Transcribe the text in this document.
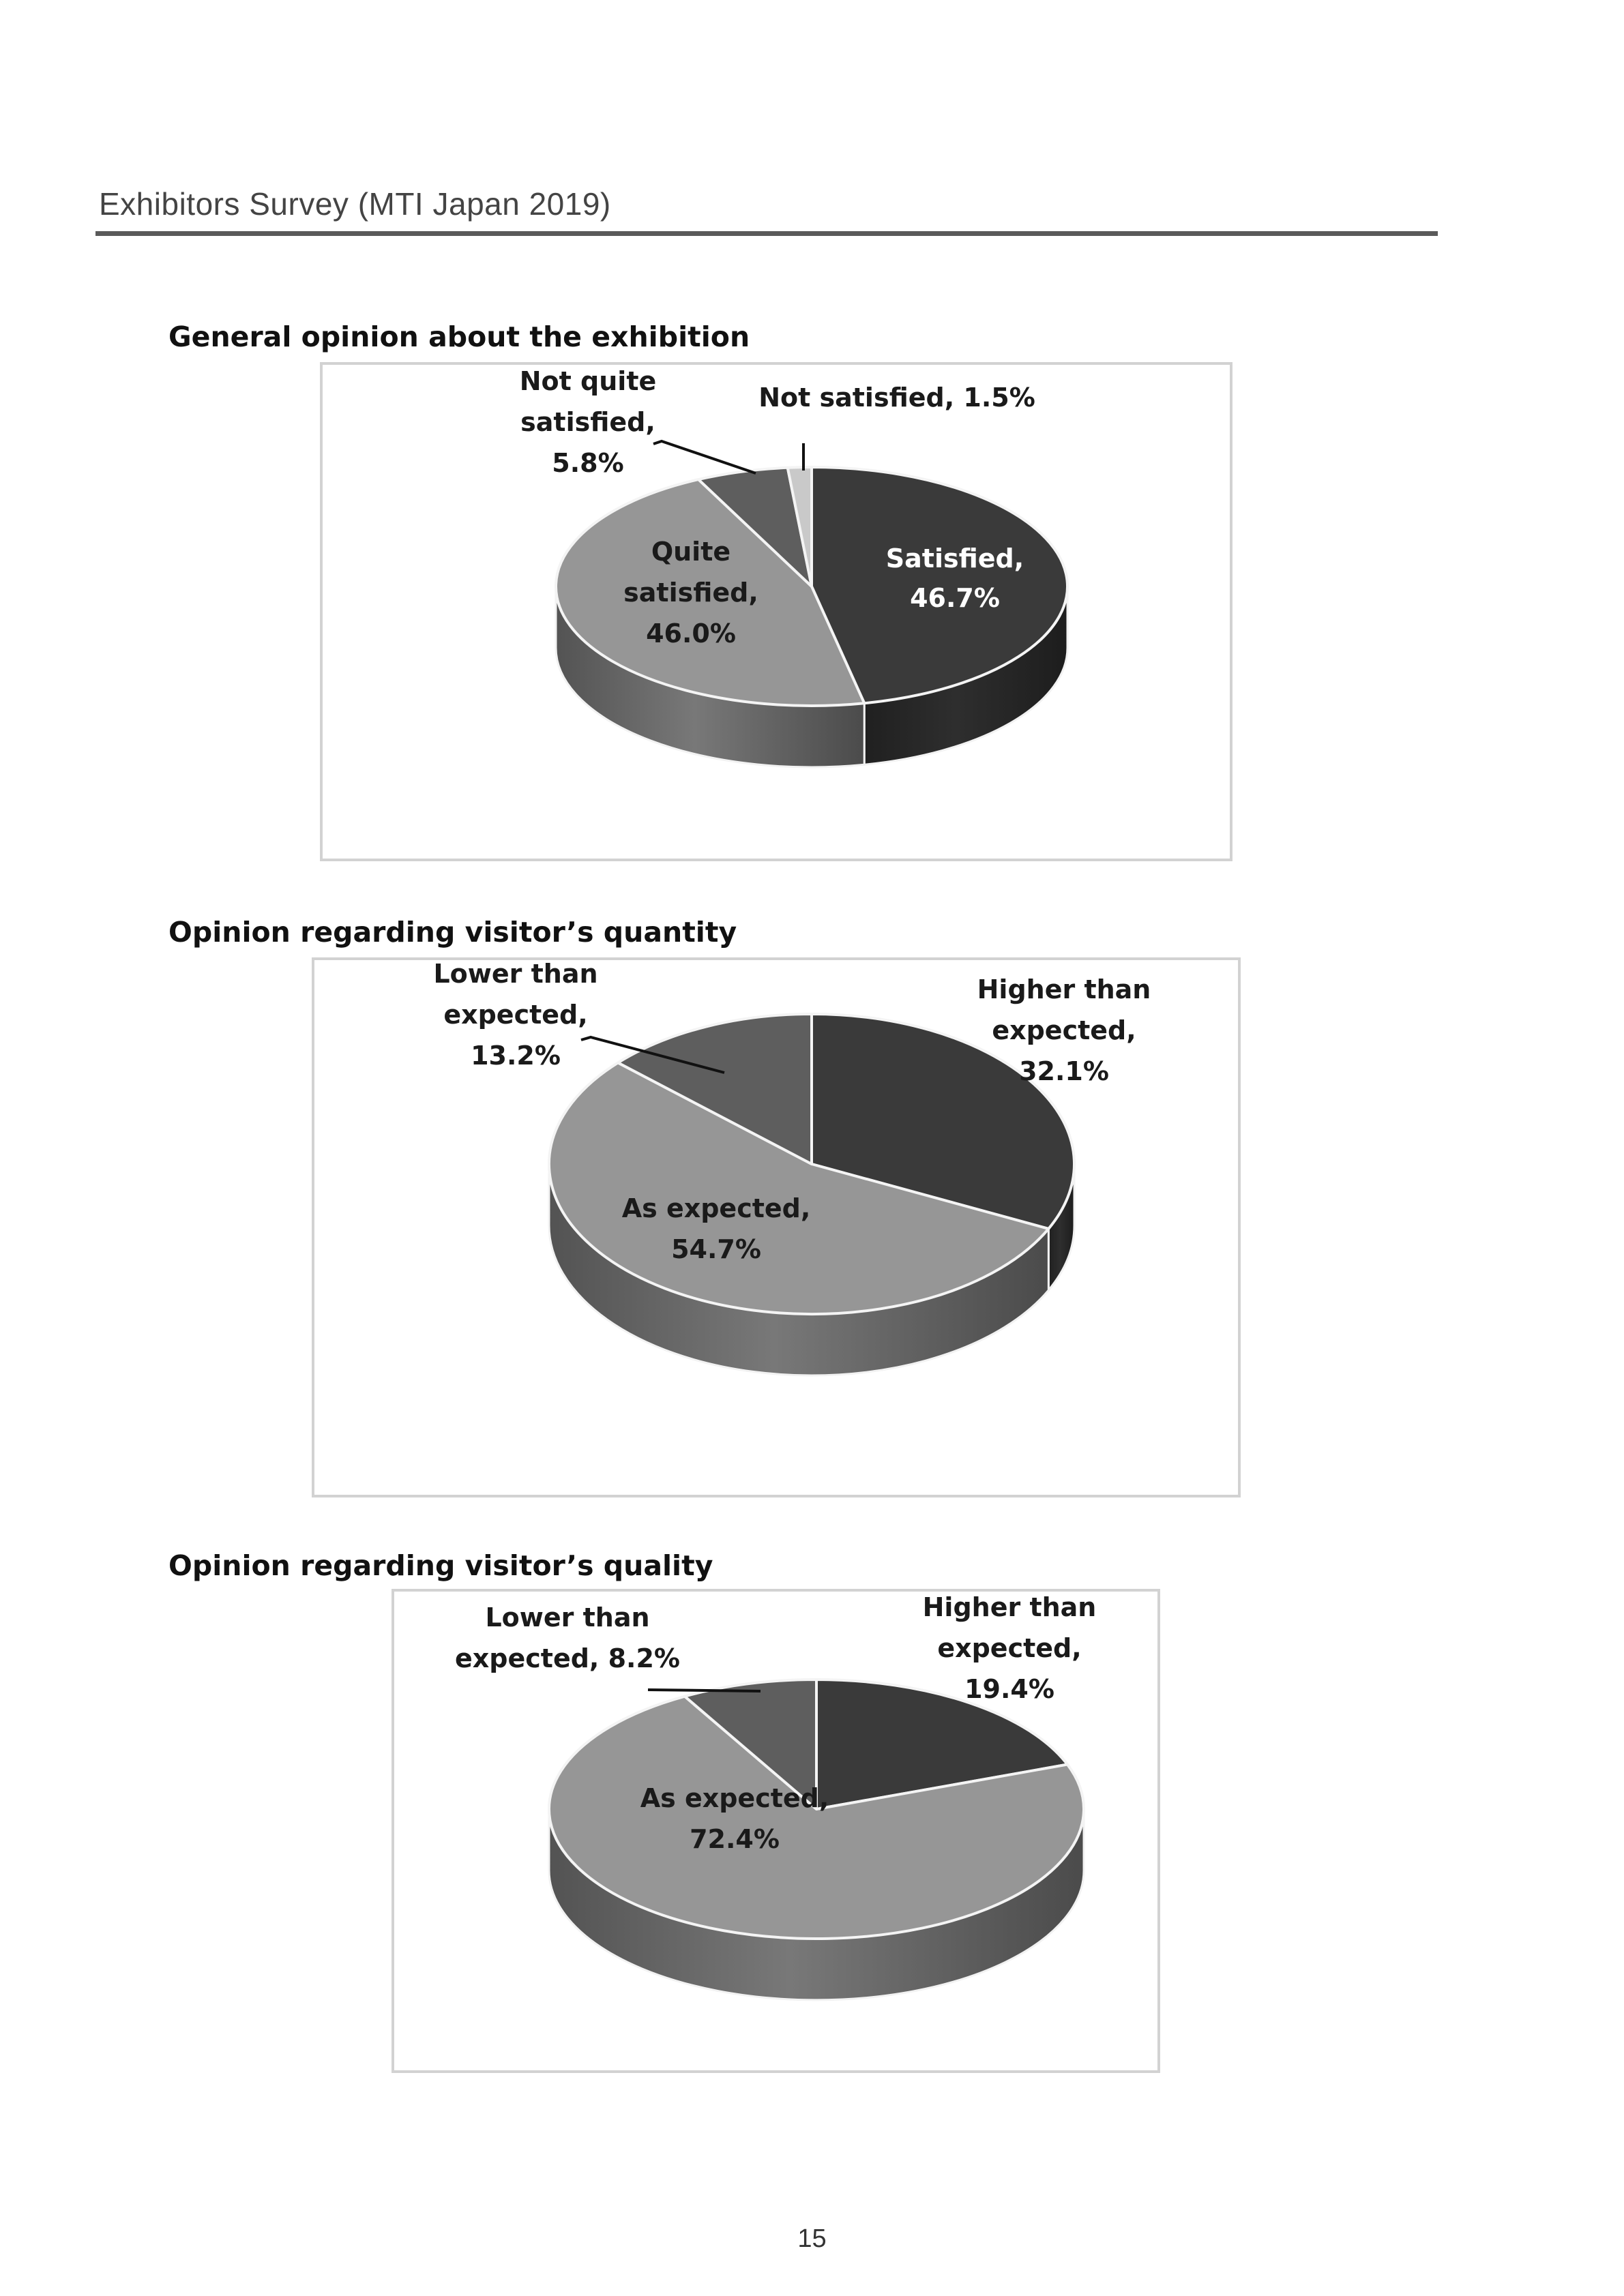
Exhibitors Survey (MTI Japan 2019)
General opinion about the exhibition
Satisfied, 46.7%
Quite satisfied, 46.0%
Not quite satisfied, 5.8%
Not satisfied, 1.5%
Opinion regarding visitor’s quantity
Higher than expected, 32.1%
As expected, 54.7%
Lower than expected, 13.2%
Opinion regarding visitor’s quality
Higher than expected, 19.4%
As expected, 72.4%
Lower than expected, 8.2%
15
